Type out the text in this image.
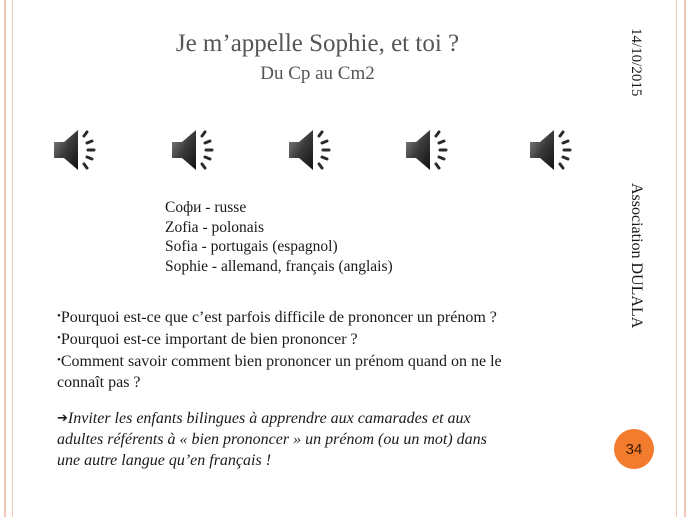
Je m’appelle Sophie, et toi ?
Du Cp au Cm2	14/10/2015
Association DULALA
Софи - russe
Zofia - polonais
Sofia - portugais (espagnol)
Sophie - allemand, français (anglais)
•Pourquoi est-ce que c’est parfois difficile de prononcer un prénom ?
•Pourquoi est-ce important de bien prononcer ?
•Comment savoir comment bien prononcer un prénom quand on ne le
connaît pas ?
➔Inviter les enfants bilingues à apprendre aux camarades et aux
adultes référents à « bien prononcer » un prénom (ou un mot) dans
une autre langue qu’en français !
34
